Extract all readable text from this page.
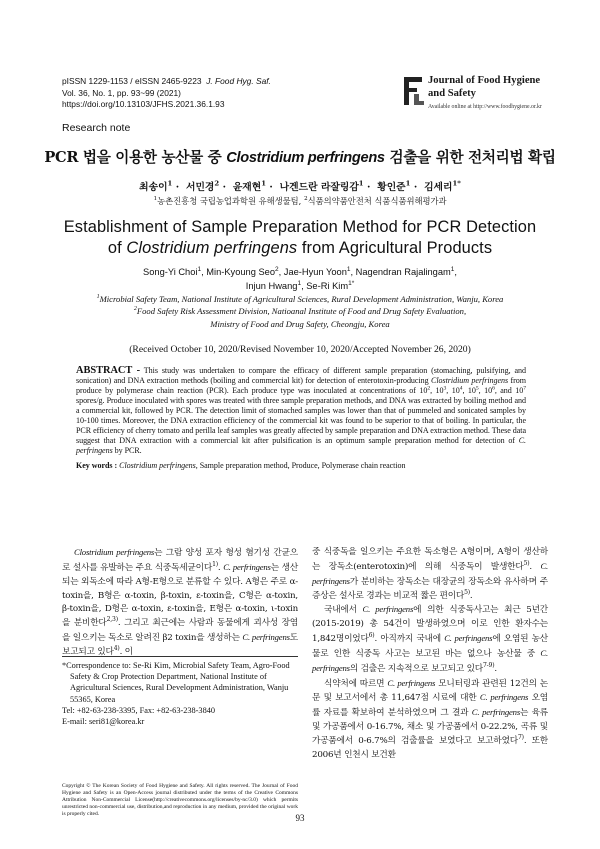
pISSN 1229-1153 / eISSN 2465-9223 J. Food Hyg. Saf.
Vol. 36, No. 1, pp. 93~99 (2021)
https://doi.org/10.13103/JFHS.2021.36.1.93
Journal of Food Hygiene
and Safety
Available online at http://www.foodhygiene.or.kr
Research note
PCR 법을 이용한 농산물 중 Clostridium perfringens 검출을 위한 전처리법 확립
최송이$^1$ ·  서민경$^2$ ·  윤재현$^1$ ·  나겐드란 라잘링감$^1$ ·  황인준$^1$ ·  김세리$^{1*}$
$^1$농촌진흥청 국립농업과학원 유해생물팀, $^2$식품의약품안전처 식품식품위해평가과
Establishment of Sample Preparation Method for PCR Detection
of Clostridium perfringens from Agricultural Products
Song-Yi Choi$^1$, Min-Kyoung Seo$^2$, Jae-Hyun Yoon$^1$, Nagendran Rajalingam$^1$,
Injun Hwang$^1$, Se-Ri Kim$^{1*}$
$^1$Microbial Safety Team, National Institute of Agricultural Sciences, Rural Development Administration, Wanju, Korea
$^2$Food Safety Risk Assessment Division, Natioanal Institute of Food and Drug Safety Evaluation,
Ministry of Food and Drug Safety, Cheongju, Korea
(Received October 10, 2020/Revised November 10, 2020/Accepted November 26, 2020)
ABSTRACT - This study was undertaken to compare the efficacy of different sample preparation (stomaching, pulsifying, and sonication) and DNA extraction methods (boiling and commercial kit) for detection of enterotoxin-producing Clostridium perfringens from produce by polymerase chain reaction (PCR). Each produce type was inoculated at concentrations of $10^2$, $10^3$, $10^4$, $10^5$, $10^6$, and $10^7$ spores/g. Produce inoculated with spores was treated with three sample preparation methods, and DNA was extracted by boiling method and a commercial kit, followed by PCR. The detection limit of stomached samples was lower than that of pummeled and sonicated samples by 10-100 times. Moreover, the DNA extraction efficiency of the commercial kit was found to be superior to that of boiling. In particular, the PCR efficiency of cherry tomato and perilla leaf samples was greatly affected by sample preparation and DNA extraction method. These data suggest that DNA extraction with a commercial kit after pulsification is an optimum sample preparation method for detection of C. perfringens by PCR.
Key words : Clostridium perfringens, Sample preparation method, Produce, Polymerase chain reaction

Clostridium perfringens는 그람 양성 포자 형성 혐기성 간균으로 설사를 유발하는 주요 식중독세균이다$^{1)}$. C. perfringens는 생산되는 외독소에 따라 A형-E형으로 분류할 수 있다. A형은 주로 α-toxin을, B형은 α-toxin, β-toxin, ε-toxin을, C형은 α-toxin, β-toxin을, D형은 α-toxin, ε-toxin을, E형은 α-toxin, ι-toxin을 분비한다$^{2,3)}$. 그리고 최근에는 사람과 동물에게 괴사성 장염을 일으키는 독소로 알려진 β2 toxin을 생성하는 C. perfringens도 보고되고 있다$^{4)}$. 이

*Correspondence to: Se-Ri Kim, Microbial Safety Team, Agro-Food Safety & Crop Protection Department, National Institute of Agricultural Sciences, Rural Development Administration, Wanju 55365, Korea
Tel: +82-63-238-3395, Fax: +82-63-238-3840
E-mail: seri81@korea.kr
Copyright © The Korean Society of Food Hygiene and Safety. All rights reserved. The Journal of Food Hygiene and Safety is an Open-Access journal distributed under the terms of the Creative Commons Attribution Non-Commercial License(http://creativecommons.org/licenses/by-nc/3.0) which permits unrestricted non-commercial use, distribution,and reproduction in any medium, provided the original work is properly cited.

중 식중독을 일으키는 주요한 독소형은 A형이며, A형이 생산하는 장독소(enterotoxin)에 의해 식중독이 발생한다$^{5)}$. C. perfringens가 분비하는 장독소는 대장균의 장독소와 유사하며 주 증상은 설사로 경과는 비교적 짧은 편이다$^{5)}$.

국내에서 C. perfringens에 의한 식중독사고는 최근 5년간(2015-2019) 총 54건이 발생하였으며 이로 인한 환자수는 1,842명이었다$^{6)}$. 아직까지 국내에 C. perfringens에 오염된 농산물로 인한 식중독 사고는 보고된 바는 없으나 농산물 중 C. perfringens의 검출은 지속적으로 보고되고 있다$^{7-9)}$.

식약처에 따르면 C. perfringens 모니터링과 관련된 12건의 논문 및 보고서에서 총 11,647점 시료에 대한 C. perfringens 오염률 자료를 확보하여 분석하였으며 그 결과 C. perfringens는 육류 및 가공품에서 0-16.7%, 채소 및 가공품에서 0-22.2%, 곡류 및 가공품에서 0-6.7%의 검출률을 보였다고 보고하였다$^{7)}$. 또한 2006년 인천시 보건환

93
